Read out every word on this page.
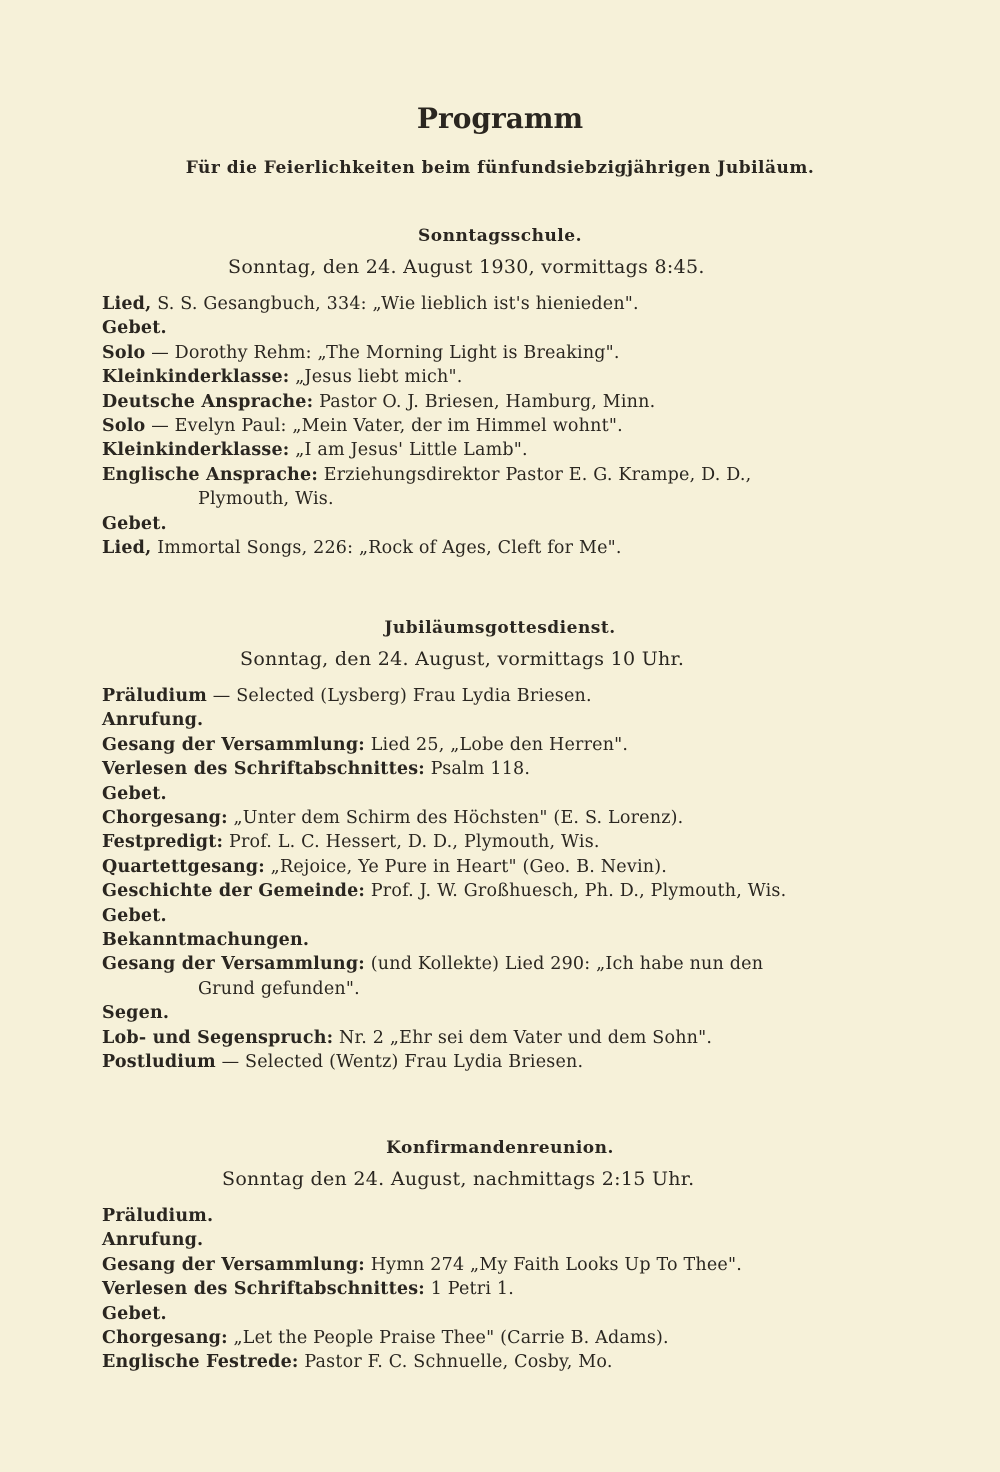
Programm
Für die Feierlichkeiten beim fünfundsiebzigjährigen Jubiläum.
Sonntagsschule.
Sonntag, den 24. August 1930, vormittags 8:45.
Lied, S. S. Gesangbuch, 334: „Wie lieblich ist's hienieden".
Gebet.
Solo — Dorothy Rehm: „The Morning Light is Breaking".
Kleinkinderklasse: „Jesus liebt mich".
Deutsche Ansprache: Pastor O. J. Briesen, Hamburg, Minn.
Solo — Evelyn Paul: „Mein Vater, der im Himmel wohnt".
Kleinkinderklasse: „I am Jesus' Little Lamb".
Englische Ansprache: Erziehungsdirektor Pastor E. G. Krampe, D. D.,
Plymouth, Wis.
Gebet.
Lied, Immortal Songs, 226: „Rock of Ages, Cleft for Me".
Jubiläumsgottesdienst.
Sonntag, den 24. August, vormittags 10 Uhr.
Präludium — Selected (Lysberg) Frau Lydia Briesen.
Anrufung.
Gesang der Versammlung: Lied 25, „Lobe den Herren".
Verlesen des Schriftabschnittes: Psalm 118.
Gebet.
Chorgesang: „Unter dem Schirm des Höchsten" (E. S. Lorenz).
Festpredigt: Prof. L. C. Hessert, D. D., Plymouth, Wis.
Quartettgesang: „Rejoice, Ye Pure in Heart" (Geo. B. Nevin).
Geschichte der Gemeinde: Prof. J. W. Großhuesch, Ph. D., Plymouth, Wis.
Gebet.
Bekanntmachungen.
Gesang der Versammlung: (und Kollekte) Lied 290: „Ich habe nun den
Grund gefunden".
Segen.
Lob- und Segenspruch: Nr. 2 „Ehr sei dem Vater und dem Sohn".
Postludium — Selected (Wentz) Frau Lydia Briesen.
Konfirmandenreunion.
Sonntag den 24. August, nachmittags 2:15 Uhr.
Präludium.
Anrufung.
Gesang der Versammlung: Hymn 274 „My Faith Looks Up To Thee".
Verlesen des Schriftabschnittes: 1 Petri 1.
Gebet.
Chorgesang: „Let the People Praise Thee" (Carrie B. Adams).
Englische Festrede: Pastor F. C. Schnuelle, Cosby, Mo.
